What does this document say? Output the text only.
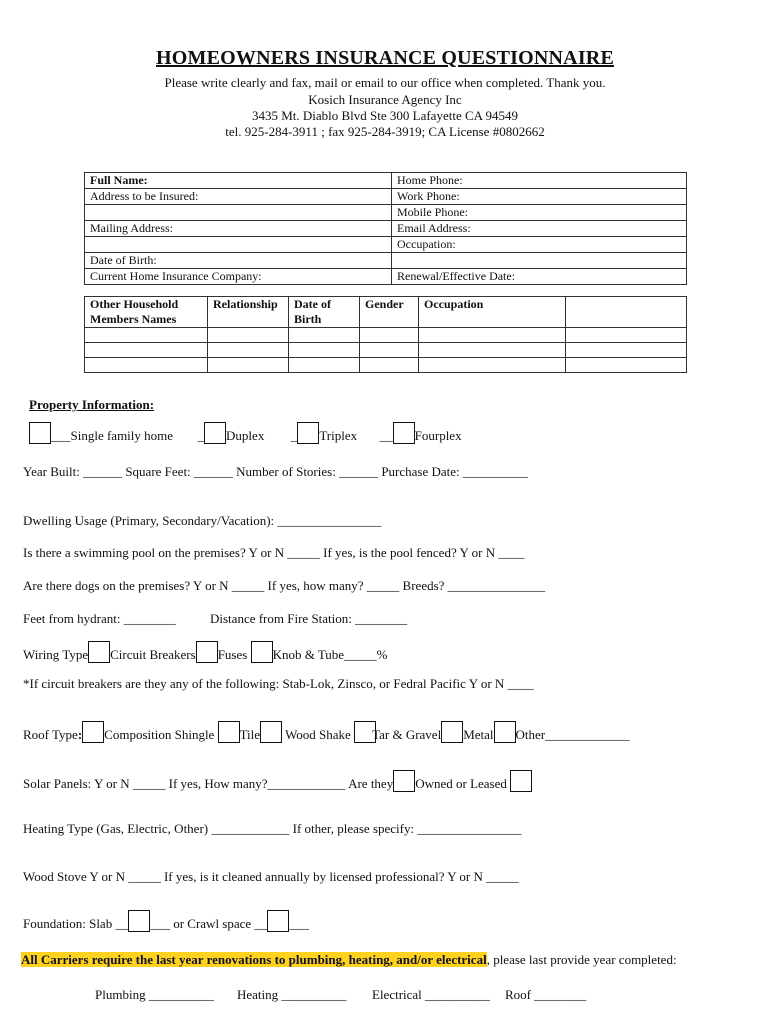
HOMEOWNERS INSURANCE QUESTIONNAIRE
Please write clearly and fax, mail or email to our office when completed. Thank you.
Kosich Insurance Agency Inc
3435 Mt. Diablo Blvd Ste 300 Lafayette CA 94549
tel. 925-284-3911 ; fax 925-284-3919; CA License #0802662
Full Name:	Home Phone:
Address to be Insured:	Work Phone:
	Mobile Phone:
Mailing Address:	Email Address:
	Occupation:
Date of Birth:	
Current Home Insurance Company:	Renewal/Effective Date:
Other Household Members Names	Relationship	Date of Birth	Gender	Occupation	

Property Information:
___Single family home _ Duplex _ Triplex __ Fourplex
Year Built: ______ Square Feet: ______ Number of Stories: ______ Purchase Date: __________
Dwelling Usage (Primary, Secondary/Vacation): ________________
Is there a swimming pool on the premises? Y or N _____ If yes, is the pool fenced? Y or N ____
Are there dogs on the premises? Y or N _____ If yes, how many? _____ Breeds? _______________
Feet from hydrant: ________	Distance from Fire Station: ________
Wiring Type Circuit Breakers Fuses Knob & Tube_____%
*If circuit breakers are they any of the following: Stab-Lok, Zinsco, or Fedral Pacific Y or N ____
Roof Type: Composition Shingle Tile Wood Shake Tar & Gravel Metal Other_____________
Solar Panels: Y or N _____ If yes, How many?____________ Are they Owned or Leased
Heating Type (Gas, Electric, Other) ____________ If other, please specify: ________________
Wood Stove Y or N _____ If yes, is it cleaned annually by licensed professional? Y or N _____
Foundation: Slab __ ___ or Crawl space __ ___
All Carriers require the last year renovations to plumbing, heating, and/or electrical, please last provide year completed:
Plumbing __________ Heating __________ Electrical __________ Roof ________
